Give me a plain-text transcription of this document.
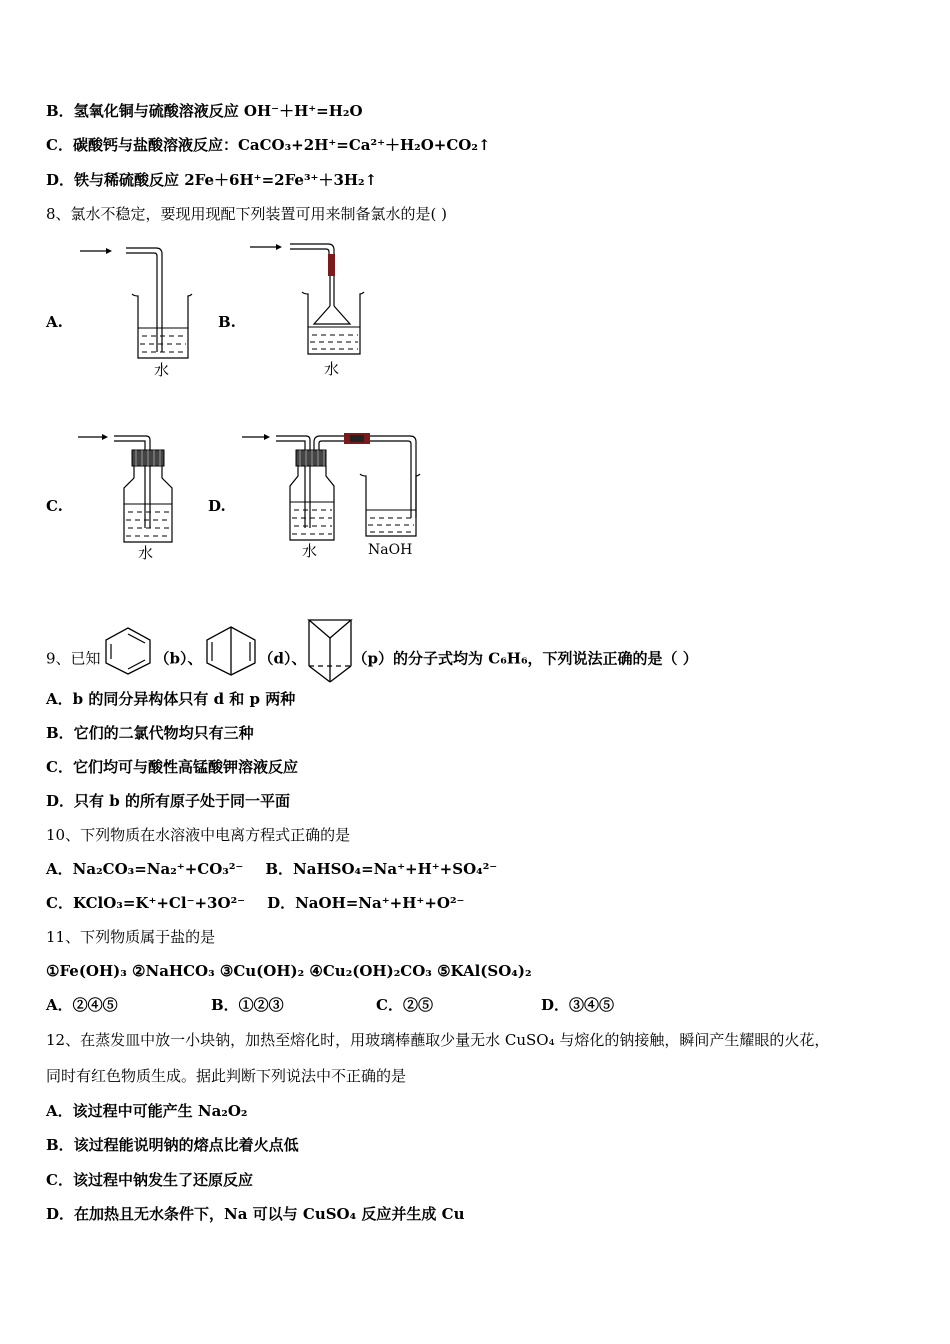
B．氢氧化铜与硫酸溶液反应 OH⁻＋H⁺=H₂O
C．碳酸钙与盐酸溶液反应：CaCO₃+2H⁺=Ca²⁺＋H₂O+CO₂↑
D．铁与稀硫酸反应 2Fe＋6H⁺=2Fe³⁺＋3H₂↑
8、氯水不稳定，要现用现配下列装置可用来制备氯水的是( )
A.
水
B.
水
C.
水
D.
水	NaOH
9、已知	（b）、	（d）、	（p）的分子式均为 C₆H₆，下列说法正确的是（ ）
A．b 的同分异构体只有 d 和 p 两种
B．它们的二氯代物均只有三种
C．它们均可与酸性高锰酸钾溶液反应
D．只有 b 的所有原子处于同一平面
10、下列物质在水溶液中电离方程式正确的是
A．Na₂CO₃=Na₂⁺+CO₃²⁻ B．NaHSO₄=Na⁺+H⁺+SO₄²⁻
C．KClO₃=K⁺+Cl⁻+3O²⁻ D．NaOH=Na⁺+H⁺+O²⁻
11、下列物质属于盐的是
①Fe(OH)₃ ②NaHCO₃ ③Cu(OH)₂ ④Cu₂(OH)₂CO₃ ⑤KAl(SO₄)₂
A．②④⑤	B．①②③	C．②⑤	D．③④⑤
12、在蒸发皿中放一小块钠，加热至熔化时，用玻璃棒蘸取少量无水 CuSO₄ 与熔化的钠接触，瞬间产生耀眼的火花，
同时有红色物质生成。据此判断下列说法中不正确的是
A．该过程中可能产生 Na₂O₂
B．该过程能说明钠的熔点比着火点低
C．该过程中钠发生了还原反应
D．在加热且无水条件下，Na 可以与 CuSO₄ 反应并生成 Cu
